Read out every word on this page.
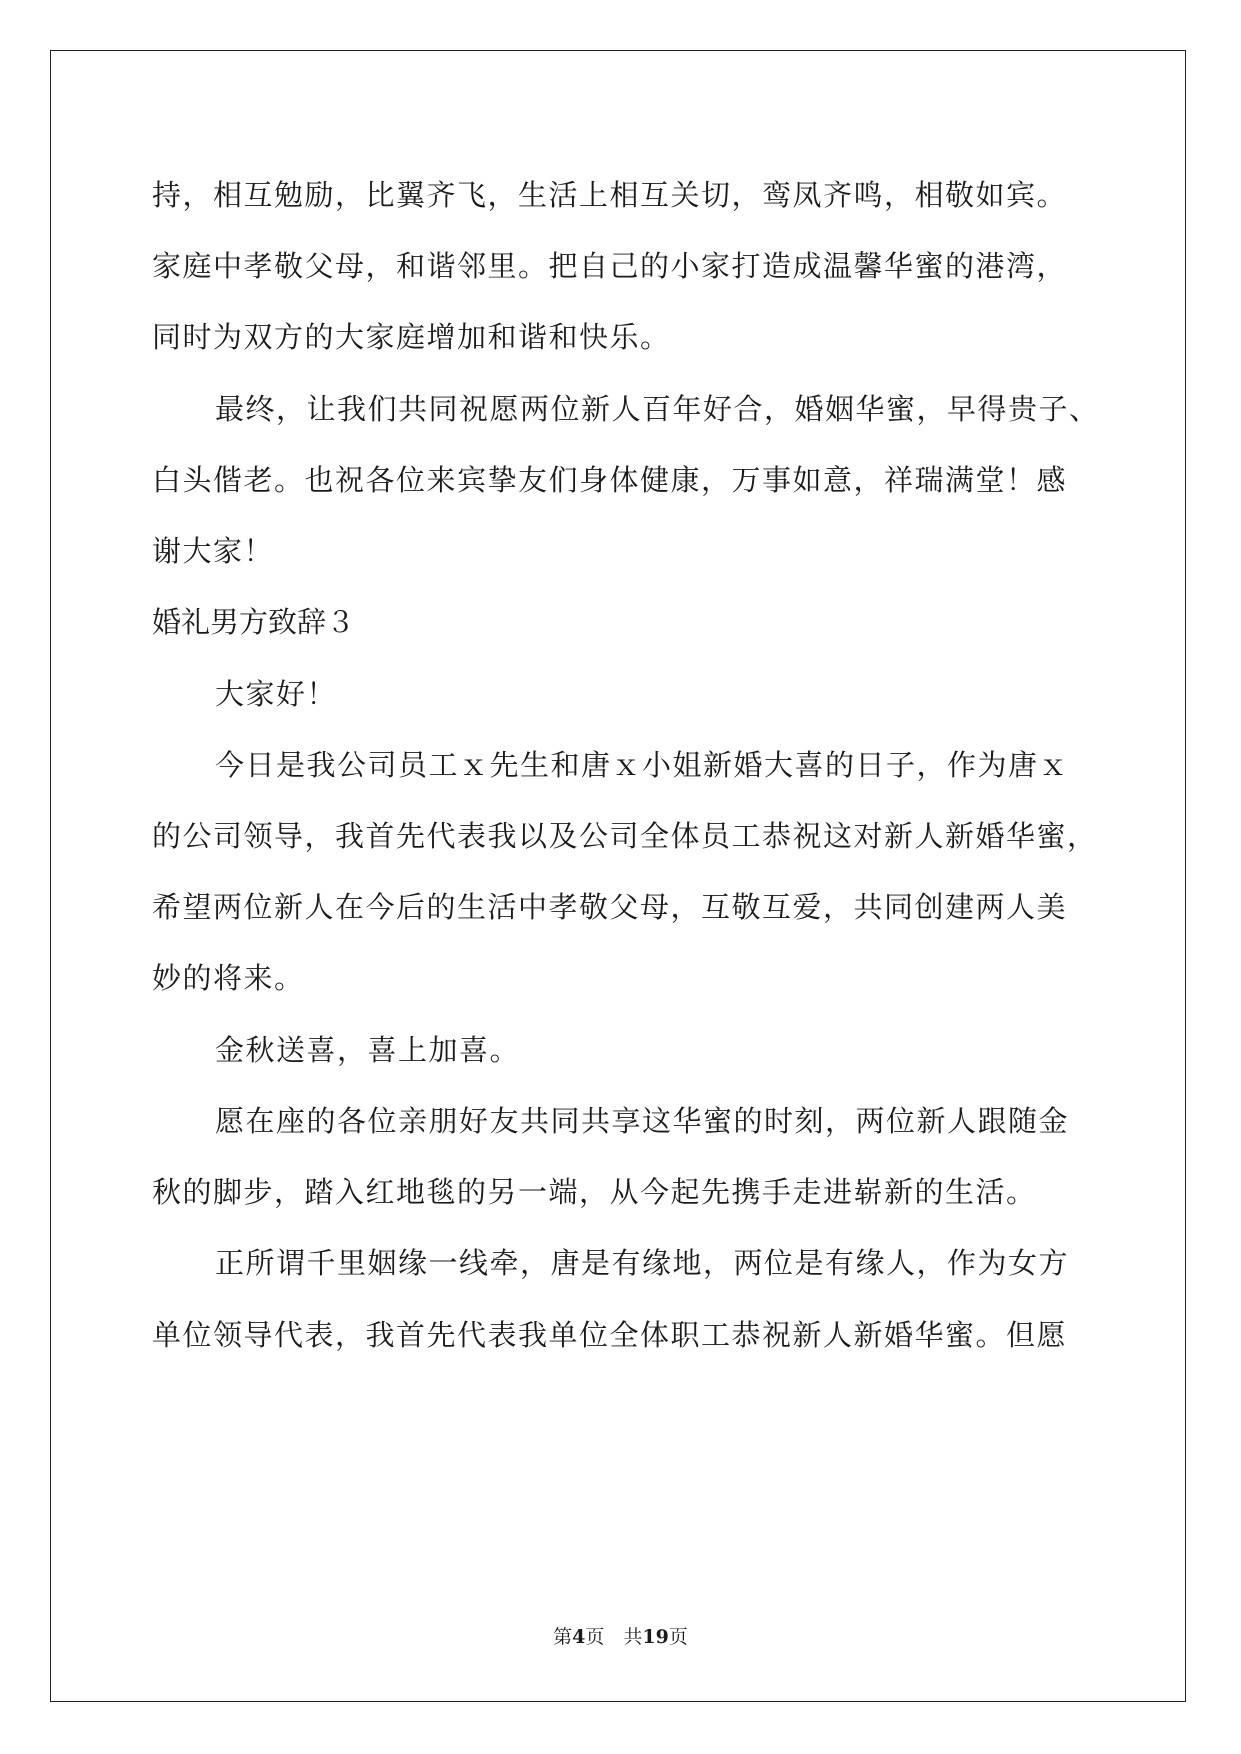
持，相互勉励，比翼齐飞，生活上相互关切，鸾凤齐鸣，相敬如宾。
家庭中孝敬父母，和谐邻里。把自己的小家打造成温馨华蜜的港湾，
同时为双方的大家庭增加和谐和快乐。
最终，让我们共同祝愿两位新人百年好合，婚姻华蜜，早得贵子、
白头偕老。也祝各位来宾挚友们身体健康，万事如意，祥瑞满堂！感
谢大家！
婚礼男方致辞３
大家好！
今日是我公司员工ｘ先生和唐ｘ小姐新婚大喜的日子，作为唐ｘ
的公司领导，我首先代表我以及公司全体员工恭祝这对新人新婚华蜜，
希望两位新人在今后的生活中孝敬父母，互敬互爱，共同创建两人美
妙的将来。
金秋送喜，喜上加喜。
愿在座的各位亲朋好友共同共享这华蜜的时刻，两位新人跟随金
秋的脚步，踏入红地毯的另一端，从今起先携手走进崭新的生活。
正所谓千里姻缘一线牵，唐是有缘地，两位是有缘人，作为女方
单位领导代表，我首先代表我单位全体职工恭祝新人新婚华蜜。但愿
第4页　共19页
